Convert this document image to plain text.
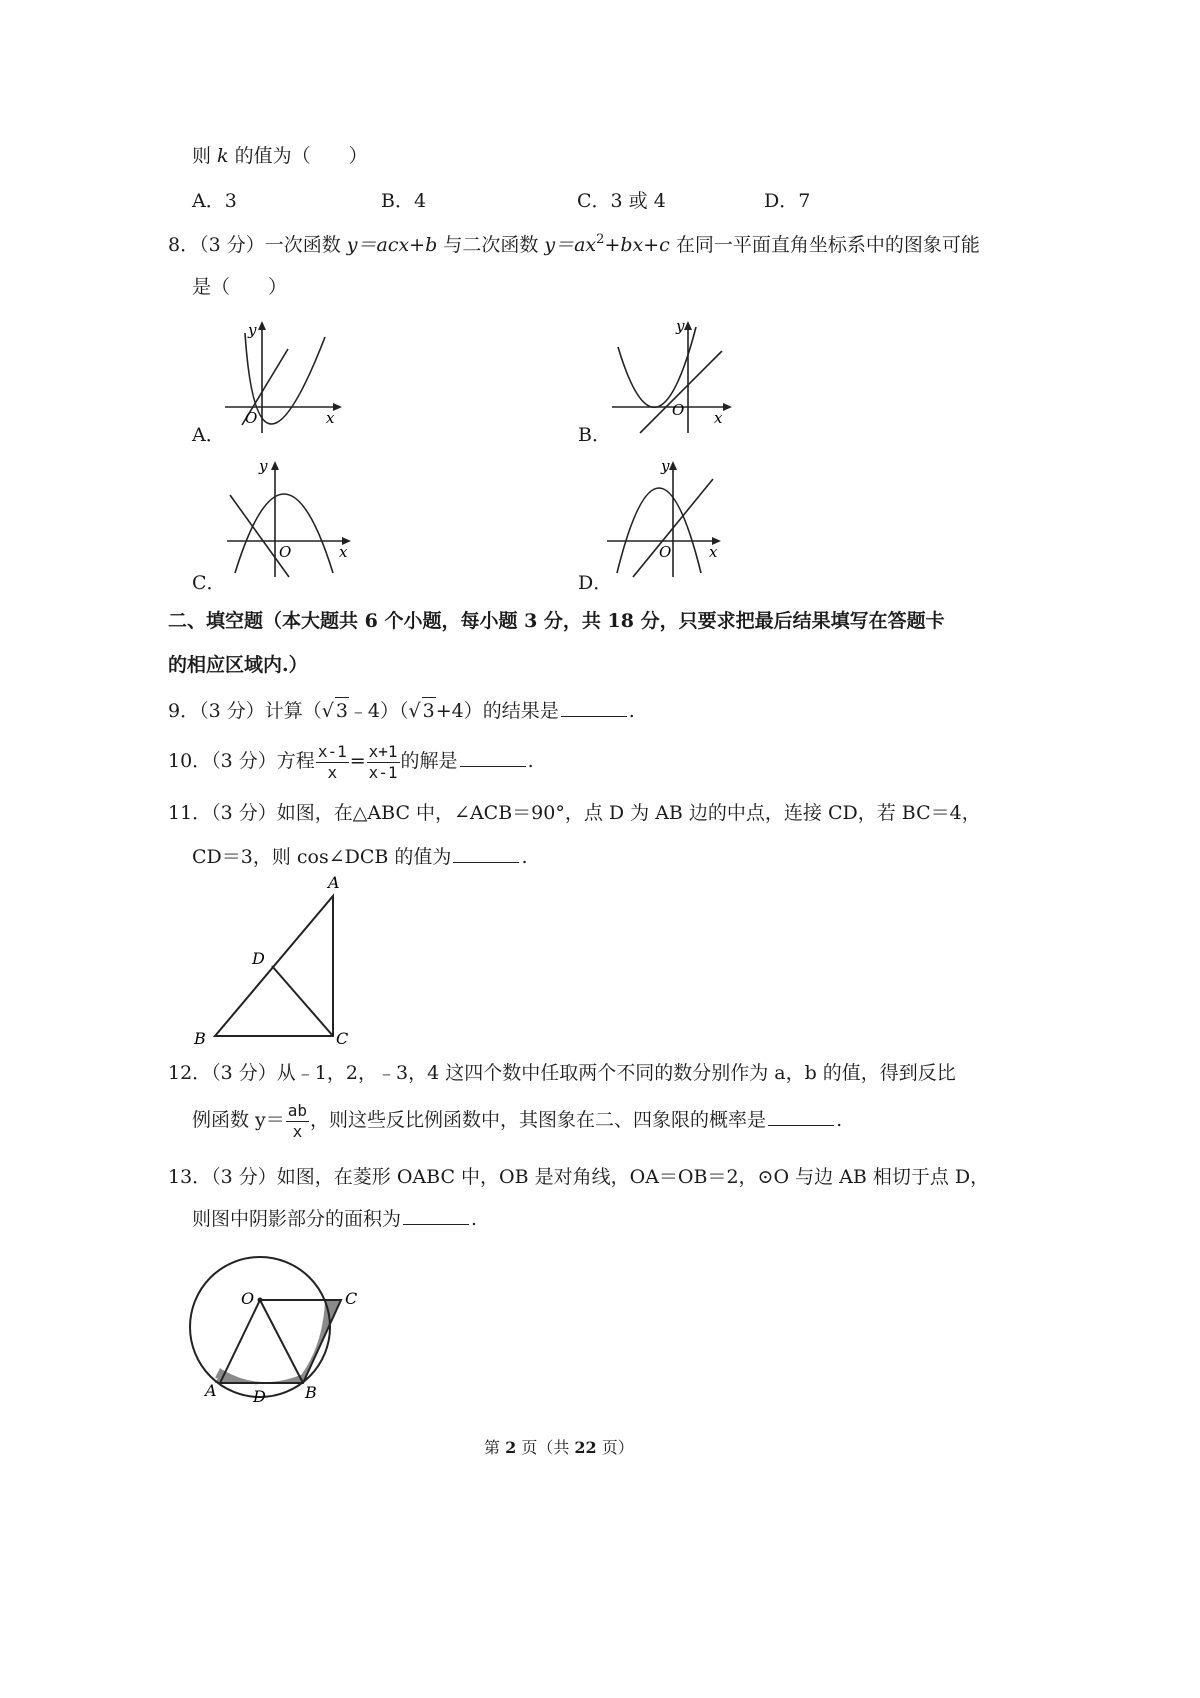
则 k 的值为（　　）
A．3	B．4	C．3 或 4	D．7
8．（3 分）一次函数 y＝acx+b 与二次函数 $y=ax^2+bx+c$ 在同一平面直角坐标系中的图象可能
是（　　）
y
x
O
A．
y
x
O
B．
y
x
O
C．
y
x
O
D．
二、填空题（本大题共 6 个小题，每小题 3 分，共 18 分，只要求把最后结果填写在答题卡
的相应区域内.）
9．（3 分）计算（√ 3﹣4）（√ 3+4）的结果是	.
10．（3 分）方程 $\frac{x-1}{x} = \frac{x+1}{x-1}$ 的解是	.
11．（3 分）如图，在△ABC 中，∠ACB＝90°，点 D 为 AB 边的中点，连接 CD，若 BC＝4，
CD＝3，则 cos∠DCB 的值为	.
A
D
B	C
12．（3 分）从﹣1，2，﹣3，4 这四个数中任取两个不同的数分别作为 a，b 的值，得到反比
例函数 $y= \frac{ab}{x}$ ，则这些反比例函数中，其图象在二、四象限的概率是	.
13．（3 分）如图，在菱形 OABC 中，OB 是对角线，OA＝OB＝2，⊙O 与边 AB 相切于点 D，
则图中阴影部分的面积为	.
O	C
A D B
第 2 页（共 22 页）
